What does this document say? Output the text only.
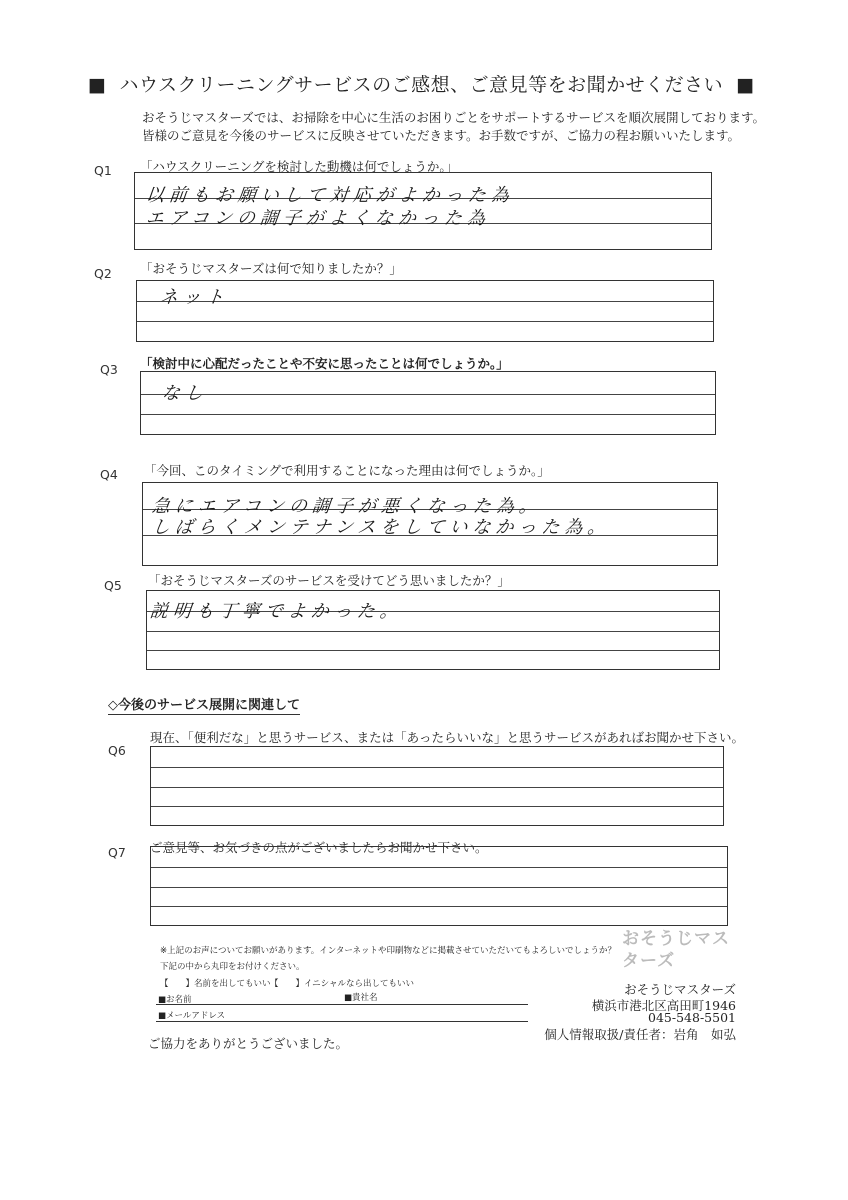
■ ハウスクリーニングサービスのご感想、ご意見等をお聞かせください ■
おそうじマスターズでは、お掃除を中心に生活のお困りごとをサポートするサービスを順次展開しております。
皆様のご意見を今後のサービスに反映させていただきます。お手数ですが、ご協力の程お願いいたします。
Q1 「ハウスクリーニングを検討した動機は何でしょうか。」
以前もお願いして対応がよかった為
エアコンの調子がよくなかった為
Q2 「おそうじマスターズは何で知りましたか？」
ネット
Q3 「検討中に心配だったことや不安に思ったことは何でしょうか。」
なし
Q4 「今回、このタイミングで利用することになった理由は何でしょうか。」
急にエアコンの調子が悪くなった為。
しばらくメンテナンスをしていなかった為。
Q5 「おそうじマスターズのサービスを受けてどう思いましたか？」
説明も丁寧でよかった。
◇今後のサービス展開に関連して
Q6
現在、「便利だな」と思うサービス、または「あったらいいな」と思うサービスがあればお聞かせ下さい。
Q7 ご意見等、お気づきの点がございましたらお聞かせ下さい。
※上記のお声についてお願いがあります。インターネットや印刷物などに掲載させていただいてもよろしいでしょうか？
下記の中から丸印をお付けください。
【　　】名前を出してもいい 【　　】イニシャルなら出してもいい
■お名前	■貴社名
■メールアドレス
ご協力をありがとうございました。
おそうじマスターズ
おそうじマスターズ
横浜市港北区高田町1946
045-548-5501
個人情報取扱/責任者：岩角　如弘
